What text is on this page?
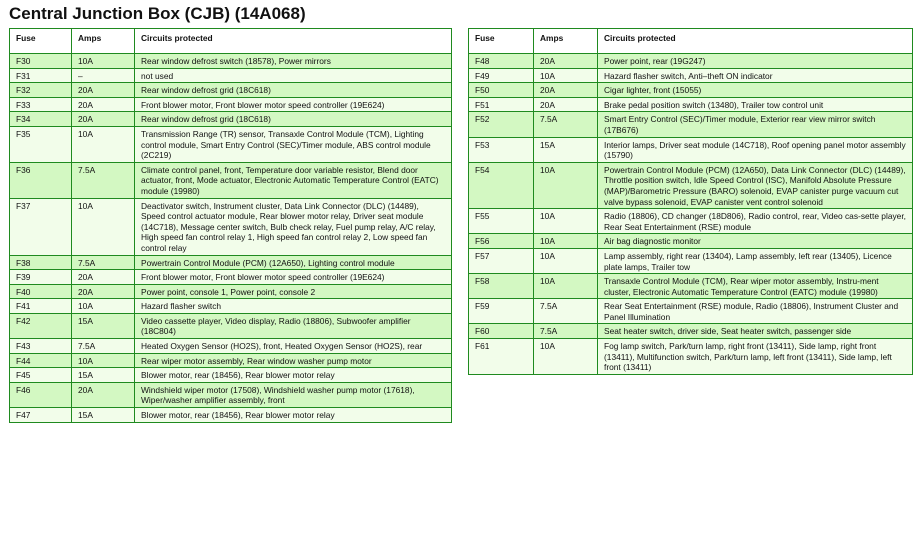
Central Junction Box (CJB) (14A068)
Fuse	Amps	Circuits protected
F30	10A	Rear window defrost switch (18578), Power mirrors
F31	–	not used
F32	20A	Rear window defrost grid (18C618)
F33	20A	Front blower motor, Front blower motor speed controller (19E624)
F34	20A	Rear window defrost grid (18C618)
F35	10A	Transmission Range (TR) sensor, Transaxle Control Module (TCM), Lighting control module, Smart Entry Control (SEC)/Timer module, ABS control module (2C219)
F36	7.5A	Climate control panel, front, Temperature door variable resistor, Blend door actuator, front, Mode actuator, Electronic Automatic Temperature Control (EATC) module (19980)
F37	10A	Deactivator switch, Instrument cluster, Data Link Connector (DLC) (14489), Speed control actuator module, Rear blower motor relay, Driver seat module (14C718), Message center switch, Bulb check relay, Fuel pump relay, A/C relay, High speed fan control relay 1, High speed fan control relay 2, Low speed fan control relay
F38	7.5A	Powertrain Control Module (PCM) (12A650), Lighting control module
F39	20A	Front blower motor, Front blower motor speed controller (19E624)
F40	20A	Power point, console 1, Power point, console 2
F41	10A	Hazard flasher switch
F42	15A	Video cassette player, Video display, Radio (18806), Subwoofer amplifier (18C804)
F43	7.5A	Heated Oxygen Sensor (HO2S), front, Heated Oxygen Sensor (HO2S), rear
F44	10A	Rear wiper motor assembly, Rear window washer pump motor
F45	15A	Blower motor, rear (18456), Rear blower motor relay
F46	20A	Windshield wiper motor (17508), Windshield washer pump motor (17618), Wiper/washer amplifier assembly, front
F47	15A	Blower motor, rear (18456), Rear blower motor relay
Fuse	Amps	Circuits protected
F48	20A	Power point, rear (19G247)
F49	10A	Hazard flasher switch, Anti–theft ON indicator
F50	20A	Cigar lighter, front (15055)
F51	20A	Brake pedal position switch (13480), Trailer tow control unit
F52	7.5A	Smart Entry Control (SEC)/Timer module, Exterior rear view mirror switch (17B676)
F53	15A	Interior lamps, Driver seat module (14C718), Roof opening panel motor assembly (15790)
F54	10A	Powertrain Control Module (PCM) (12A650), Data Link Connector (DLC) (14489), Throttle position switch, Idle Speed Control (ISC), Manifold Absolute Pressure (MAP)/Barometric Pressure (BARO) solenoid, EVAP canister purge vacuum cut valve bypass solenoid, EVAP canister vent control solenoid
F55	10A	Radio (18806), CD changer (18D806), Radio control, rear, Video cas-sette player, Rear Seat Entertainment (RSE) module
F56	10A	Air bag diagnostic monitor
F57	10A	Lamp assembly, right rear (13404), Lamp assembly, left rear (13405), Licence plate lamps, Trailer tow
F58	10A	Transaxle Control Module (TCM), Rear wiper motor assembly, Instru-ment cluster, Electronic Automatic Temperature Control (EATC) module (19980)
F59	7.5A	Rear Seat Entertainment (RSE) module, Radio (18806), Instrument Cluster and Panel Illumination
F60	7.5A	Seat heater switch, driver side, Seat heater switch, passenger side
F61	10A	Fog lamp switch, Park/turn lamp, right front (13411), Side lamp, right front (13411), Multifunction switch, Park/turn lamp, left front (13411), Side lamp, left front (13411)
